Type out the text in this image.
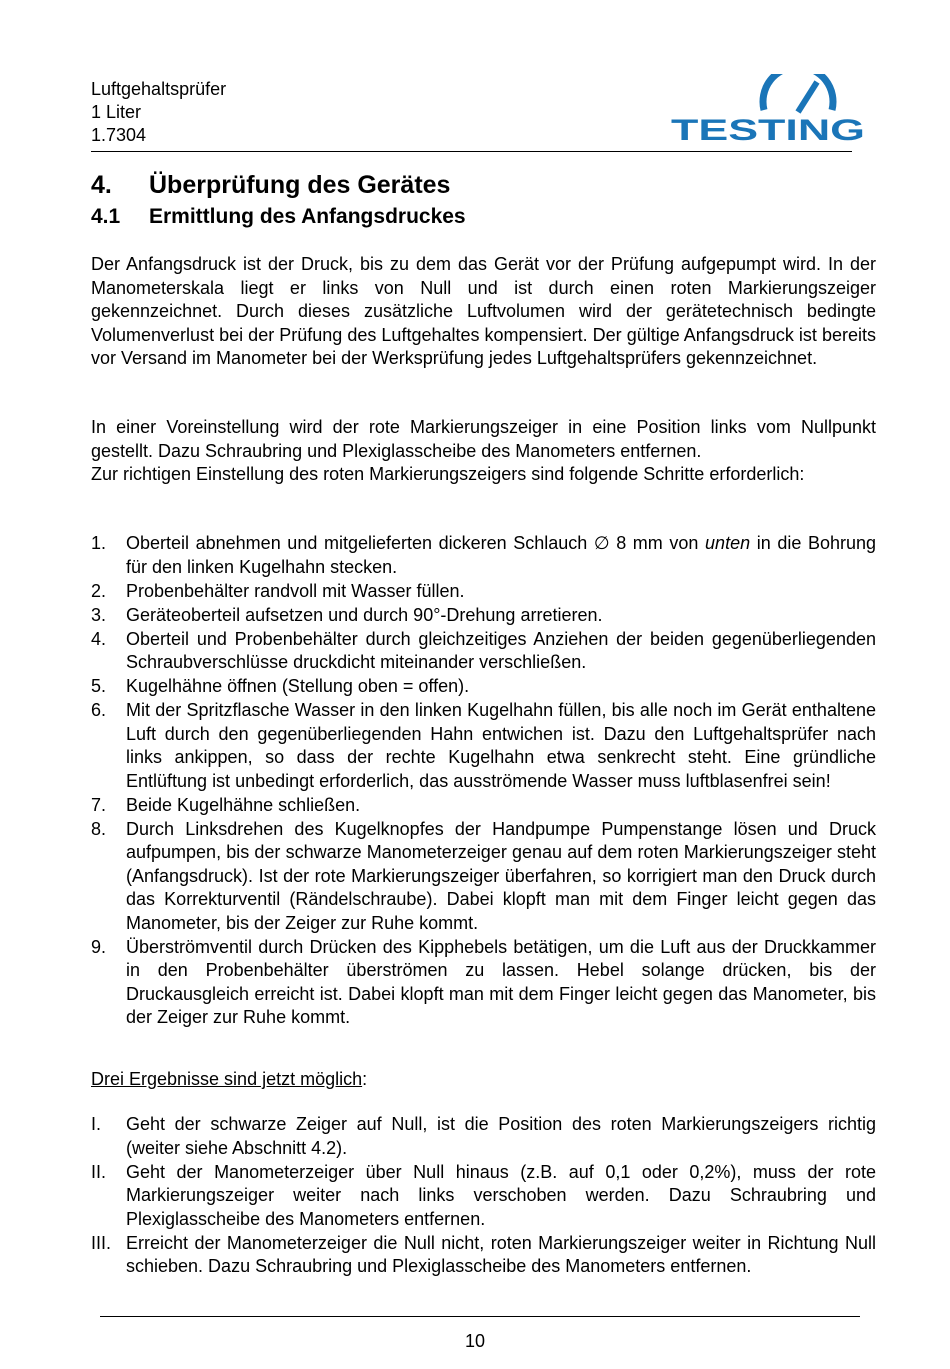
Luftgehaltsprüfer
1 Liter
1.7304	TESTING
4. Überprüfung des Gerätes
4.1 Ermittlung des Anfangsdruckes
Der Anfangsdruck ist der Druck, bis zu dem das Gerät vor der Prüfung aufgepumpt wird. In der Manometerskala liegt er links von Null und ist durch einen roten Markierungszeiger gekennzeichnet. Durch dieses zusätzliche Luftvolumen wird der gerätetechnisch bedingte Volumenverlust bei der Prüfung des Luftgehaltes kompensiert. Der gültige Anfangsdruck ist bereits vor Versand im Manometer bei der Werksprüfung jedes Luftgehaltsprüfers gekennzeichnet.
In einer Voreinstellung wird der rote Markierungszeiger in eine Position links vom Nullpunkt gestellt. Dazu Schraubring und Plexiglasscheibe des Manometers entfernen.
Zur richtigen Einstellung des roten Markierungszeigers sind folgende Schritte erforderlich:
1. Oberteil abnehmen und mitgelieferten dickeren Schlauch ∅ 8 mm von unten in die Bohrung für den linken Kugelhahn stecken.
2. Probenbehälter randvoll mit Wasser füllen.
3. Geräteoberteil aufsetzen und durch 90°-Drehung arretieren.
4. Oberteil und Probenbehälter durch gleichzeitiges Anziehen der beiden gegenüberliegenden Schraubverschlüsse druckdicht miteinander verschließen.
5. Kugelhähne öffnen (Stellung oben = offen).
6. Mit der Spritzflasche Wasser in den linken Kugelhahn füllen, bis alle noch im Gerät enthaltene Luft durch den gegenüberliegenden Hahn entwichen ist. Dazu den Luftgehaltsprüfer nach links ankippen, so dass der rechte Kugelhahn etwa senkrecht steht. Eine gründliche Entlüftung ist unbedingt erforderlich, das ausströmende Wasser muss luftblasenfrei sein!
7. Beide Kugelhähne schließen.
8. Durch Linksdrehen des Kugelknopfes der Handpumpe Pumpenstange lösen und Druck aufpumpen, bis der schwarze Manometerzeiger genau auf dem roten Markierungszeiger steht (Anfangsdruck). Ist der rote Markierungszeiger überfahren, so korrigiert man den Druck durch das Korrekturventil (Rändelschraube). Dabei klopft man mit dem Finger leicht gegen das Manometer, bis der Zeiger zur Ruhe kommt.
9. Überströmventil durch Drücken des Kipphebels betätigen, um die Luft aus der Druckkammer in den Probenbehälter überströmen zu lassen. Hebel solange drücken, bis der Druckausgleich erreicht ist. Dabei klopft man mit dem Finger leicht gegen das Manometer, bis der Zeiger zur Ruhe kommt.
Drei Ergebnisse sind jetzt möglich:
I. Geht der schwarze Zeiger auf Null, ist die Position des roten Markierungszeigers richtig (weiter siehe Abschnitt 4.2).
II. Geht der Manometerzeiger über Null hinaus (z.B. auf 0,1 oder 0,2%), muss der rote Markierungszeiger weiter nach links verschoben werden. Dazu Schraubring und Plexiglasscheibe des Manometers entfernen.
III. Erreicht der Manometerzeiger die Null nicht, roten Markierungszeiger weiter in Richtung Null schieben. Dazu Schraubring und Plexiglasscheibe des Manometers entfernen.
10
